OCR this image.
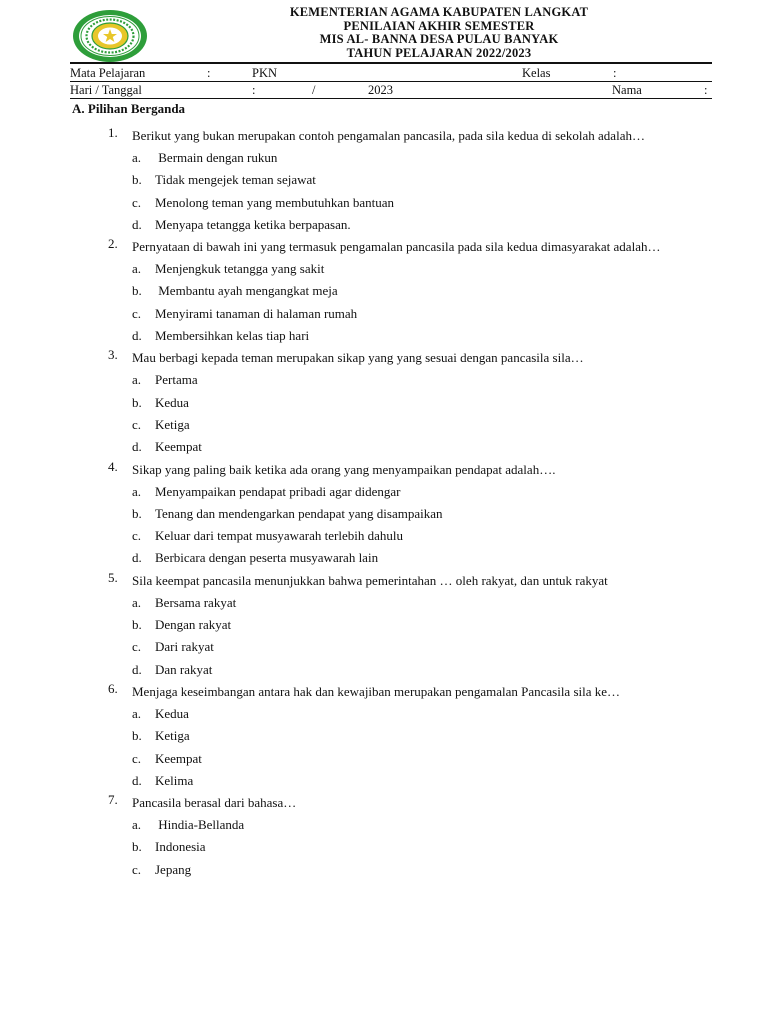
KEMENTERIAN AGAMA KABUPATEN LANGKAT
PENILAIAN AKHIR SEMESTER
MIS AL- BANNA DESA PULAU BANYAK
TAHUN PELAJARAN 2022/2023
Mata Pelajaran	:	PKN	Kelas	:
Hari / Tanggal	:	/	2023	Nama	:
A. Pilihan Berganda
1. Berikut yang bukan merupakan contoh pengamalan pancasila, pada sila kedua di sekolah adalah…

a. Bermain dengan rukun
b. Tidak mengejek teman sejawat
c. Menolong teman yang membutuhkan bantuan
d. Menyapa tetangga ketika berpapasan.
2. Pernyataan di bawah ini yang termasuk pengamalan pancasila pada sila kedua dimasyarakat adalah…

a. Menjengkuk tetangga yang sakit
b. Membantu ayah mengangkat meja
c. Menyirami tanaman di halaman rumah
d. Membersihkan kelas tiap hari
3. Mau berbagi kepada teman merupakan sikap yang yang sesuai dengan pancasila sila…

a. Pertama
b. Kedua
c. Ketiga
d. Keempat
4. Sikap yang paling baik ketika ada orang yang menyampaikan pendapat adalah….

a. Menyampaikan pendapat pribadi agar didengar
b. Tenang dan mendengarkan pendapat yang disampaikan
c. Keluar dari tempat musyawarah terlebih dahulu
d. Berbicara dengan peserta musyawarah lain
5. Sila keempat pancasila menunjukkan bahwa pemerintahan … oleh rakyat, dan untuk rakyat

a. Bersama rakyat
b. Dengan rakyat
c. Dari rakyat
d. Dan rakyat
6. Menjaga keseimbangan antara hak dan kewajiban merupakan pengamalan Pancasila sila ke…

a. Kedua
b. Ketiga
c. Keempat
d. Kelima
7. Pancasila berasal dari bahasa…

a. Hindia-Bellanda
b. Indonesia
c. Jepang
